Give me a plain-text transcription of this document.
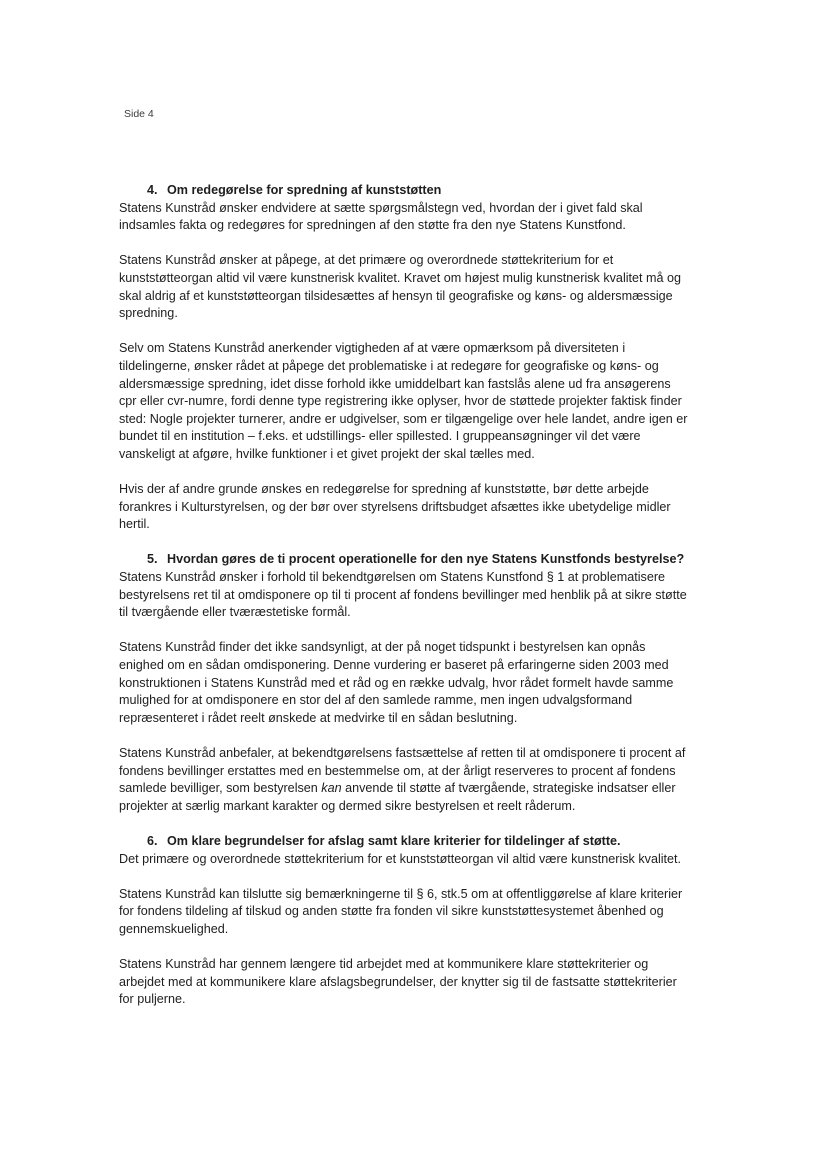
Side 4
4. Om redegørelse for spredning af kunststøtten

Statens Kunstråd ønsker endvidere at sætte spørgsmålstegn ved, hvordan der i givet fald skal
indsamles fakta og redegøres for spredningen af den støtte fra den nye Statens Kunstfond.

Statens Kunstråd ønsker at påpege, at det primære og overordnede støttekriterium for et
kunststøtteorgan altid vil være kunstnerisk kvalitet. Kravet om højest mulig kunstnerisk kvalitet må og
skal aldrig af et kunststøtteorgan tilsidesættes af hensyn til geografiske og køns- og aldersmæssige
spredning.

Selv om Statens Kunstråd anerkender vigtigheden af at være opmærksom på diversiteten i
tildelingerne, ønsker rådet at påpege det problematiske i at redegøre for geografiske og køns- og
aldersmæssige spredning, idet disse forhold ikke umiddelbart kan fastslås alene ud fra ansøgerens
cpr eller cvr-numre, fordi denne type registrering ikke oplyser, hvor de støttede projekter faktisk finder
sted: Nogle projekter turnerer, andre er udgivelser, som er tilgængelige over hele landet, andre igen er
bundet til en institution – f.eks. et udstillings- eller spillested. I gruppeansøgninger vil det være
vanskeligt at afgøre, hvilke funktioner i et givet projekt der skal tælles med.

Hvis der af andre grunde ønskes en redegørelse for spredning af kunststøtte, bør dette arbejde
forankres i Kulturstyrelsen, og der bør over styrelsens driftsbudget afsættes ikke ubetydelige midler
hertil.

5. Hvordan gøres de ti procent operationelle for den nye Statens Kunstfonds bestyrelse?

Statens Kunstråd ønsker i forhold til bekendtgørelsen om Statens Kunstfond § 1 at problematisere
bestyrelsens ret til at omdisponere op til ti procent af fondens bevillinger med henblik på at sikre støtte
til tværgående eller tværæstetiske formål.

Statens Kunstråd finder det ikke sandsynligt, at der på noget tidspunkt i bestyrelsen kan opnås
enighed om en sådan omdisponering. Denne vurdering er baseret på erfaringerne siden 2003 med
konstruktionen i Statens Kunstråd med et råd og en række udvalg, hvor rådet formelt havde samme
mulighed for at omdisponere en stor del af den samlede ramme, men ingen udvalgsformand
repræsenteret i rådet reelt ønskede at medvirke til en sådan beslutning.

Statens Kunstråd anbefaler, at bekendtgørelsens fastsættelse af retten til at omdisponere ti procent af
fondens bevillinger erstattes med en bestemmelse om, at der årligt reserveres to procent af fondens
samlede bevilliger, som bestyrelsen kan anvende til støtte af tværgående, strategiske indsatser eller
projekter at særlig markant karakter og dermed sikre bestyrelsen et reelt råderum.

6. Om klare begrundelser for afslag samt klare kriterier for tildelinger af støtte.

Det primære og overordnede støttekriterium for et kunststøtteorgan vil altid være kunstnerisk kvalitet.

Statens Kunstråd kan tilslutte sig bemærkningerne til § 6, stk.5 om at offentliggørelse af klare kriterier
for fondens tildeling af tilskud og anden støtte fra fonden vil sikre kunststøttesystemet åbenhed og
gennemskuelighed.

Statens Kunstråd har gennem længere tid arbejdet med at kommunikere klare støttekriterier og
arbejdet med at kommunikere klare afslagsbegrundelser, der knytter sig til de fastsatte støttekriterier
for puljerne.
